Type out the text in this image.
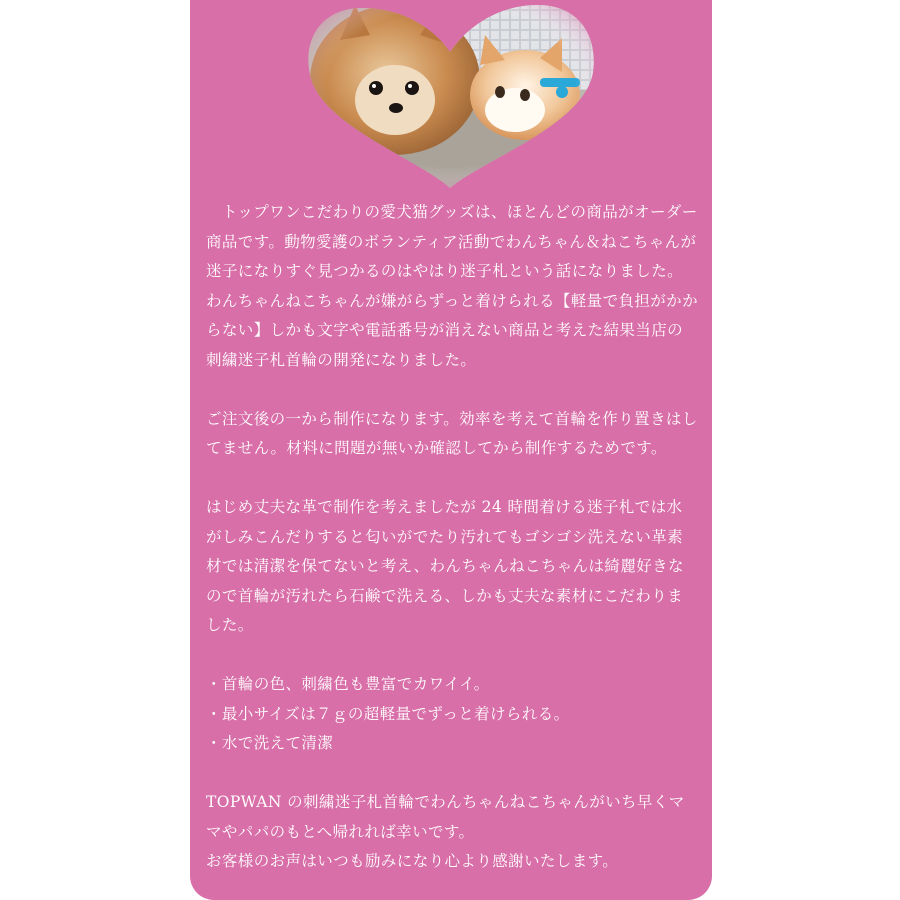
　トップワンこだわりの愛犬猫グッズは、ほとんどの商品がオーダー商品です。動物愛護のボランティア活動でわんちゃん＆ねこちゃんが迷子になりすぐ見つかるのはやはり迷子札という話になりました。わんちゃんねこちゃんが嫌がらずっと着けられる【軽量で負担がかからない】しかも文字や電話番号が消えない商品と考えた結果当店の刺繍迷子札首輪の開発になりました。

ご注文後の一から制作になります。効率を考えて首輪を作り置きはしてません。材料に問題が無いか確認してから制作するためです。

はじめ丈夫な革で制作を考えましたが 24 時間着ける迷子札では水がしみこんだりすると匂いがでたり汚れてもゴシゴシ洗えない革素材では清潔を保てないと考え、わんちゃんねこちゃんは綺麗好きなので首輪が汚れたら石鹸で洗える、しかも丈夫な素材にこだわりました。

・首輪の色、刺繍色も豊富でカワイイ。
・最小サイズは７ｇの超軽量でずっと着けられる。
・水で洗えて清潔

TOPWAN の刺繍迷子札首輪でわんちゃんねこちゃんがいち早くママやパパのもとへ帰れれば幸いです。

お客様のお声はいつも励みになり心より感謝いたします。
